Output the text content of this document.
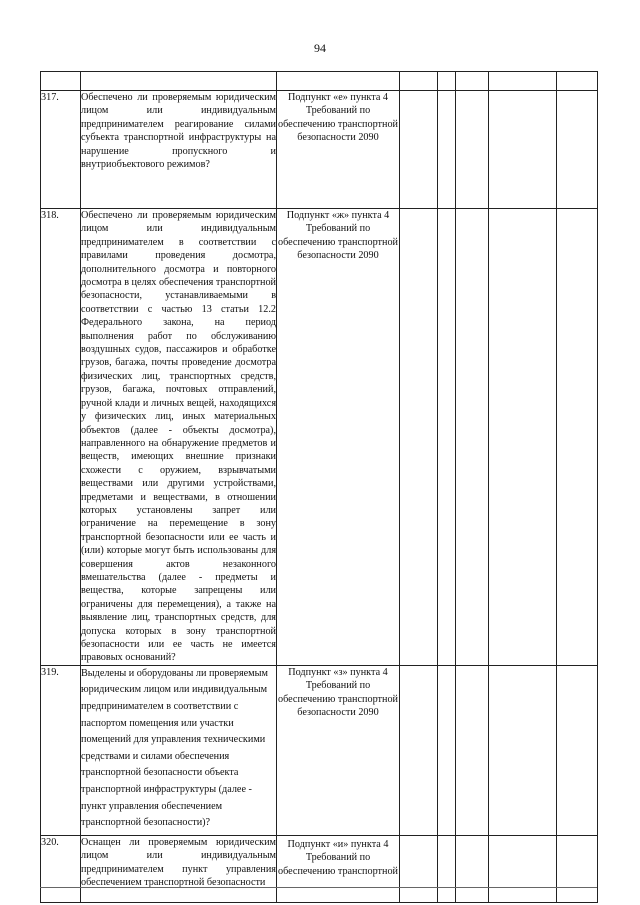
94

317.	Обеспечено ли проверяемым юридическим лицом или индивидуальным предпринимателем реагирование силами субъекта транспортной инфраструктуры на нарушение пропускного и внутриобъектового режимов?	Подпункт «е» пункта 4 Требований по обеспечению транспортной безопасности 2090					
318.	Обеспечено ли проверяемым юридическим лицом или индивидуальным предпринимателем в соответствии с правилами проведения досмотра, дополнительного досмотра и повторного досмотра в целях обеспечения транспортной безопасности, устанавливаемыми в соответствии с частью 13 статьи 12.2 Федерального закона, на период выполнения работ по обслуживанию воздушных судов, пассажиров и обработке грузов, багажа, почты проведение досмотра физических лиц, транспортных средств, грузов, багажа, почтовых отправлений, ручной клади и личных вещей, находящихся у физических лиц, иных материальных объектов (далее - объекты досмотра), направленного на обнаружение предметов и веществ, имеющих внешние признаки схожести с оружием, взрывчатыми веществами или другими устройствами, предметами и веществами, в отношении которых установлены запрет или ограничение на перемещение в зону транспортной безопасности или ее часть и (или) которые могут быть использованы для совершения актов незаконного вмешательства (далее - предметы и вещества, которые запрещены или ограничены для перемещения), а также на выявление лиц, транспортных средств, для допуска которых в зону транспортной безопасности или ее часть не имеется правовых оснований?	Подпункт «ж» пункта 4 Требований по обеспечению транспортной безопасности 2090					
319.	Выделены и оборудованы ли проверяемым юридическим лицом или индивидуальным предпринимателем в соответствии с паспортом помещения или участки помещений для управления техническими средствами и силами обеспечения транспортной безопасности объекта транспортной инфраструктуры (далее - пункт управления обеспечением транспортной безопасности)?	Подпункт «з» пункта 4 Требований по обеспечению транспортной безопасности 2090					
320.	Оснащен ли проверяемым юридическим лицом или индивидуальным предпринимателем пункт управления обеспечением транспортной безопасности	Подпункт «и» пункта 4 Требований по обеспечению транспортной					
